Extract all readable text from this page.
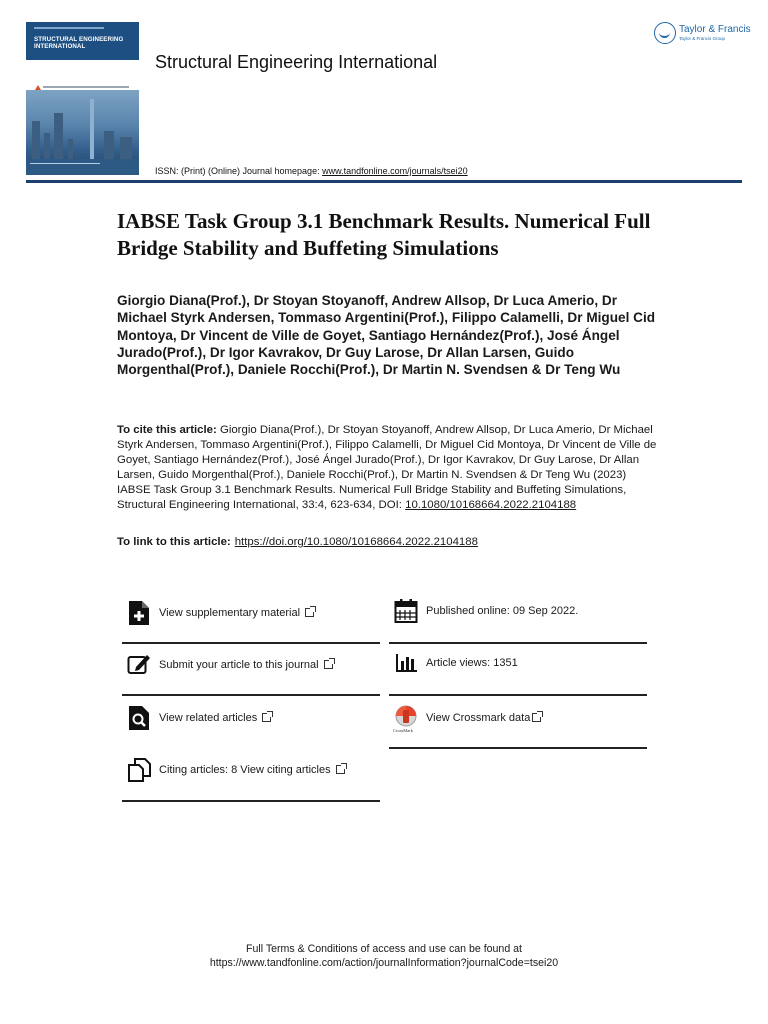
STRUCTURAL ENGINEERING INTERNATIONAL
Structural Engineering International
Taylor & Francis
Taylor & Francis Group
ISSN: (Print) (Online) Journal homepage: www.tandfonline.com/journals/tsei20
IABSE Task Group 3.1 Benchmark Results. Numerical Full Bridge Stability and Buffeting Simulations
Giorgio Diana(Prof.), Dr Stoyan Stoyanoff, Andrew Allsop, Dr Luca Amerio, Dr Michael Styrk Andersen, Tommaso Argentini(Prof.), Filippo Calamelli, Dr Miguel Cid Montoya, Dr Vincent de Ville de Goyet, Santiago Hernández(Prof.), José Ángel Jurado(Prof.), Dr Igor Kavrakov, Dr Guy Larose, Dr Allan Larsen, Guido Morgenthal(Prof.), Daniele Rocchi(Prof.), Dr Martin N. Svendsen & Dr Teng Wu
To cite this article: Giorgio Diana(Prof.), Dr Stoyan Stoyanoff, Andrew Allsop, Dr Luca Amerio, Dr Michael Styrk Andersen, Tommaso Argentini(Prof.), Filippo Calamelli, Dr Miguel Cid Montoya, Dr Vincent de Ville de Goyet, Santiago Hernández(Prof.), José Ángel Jurado(Prof.), Dr Igor Kavrakov, Dr Guy Larose, Dr Allan Larsen, Guido Morgenthal(Prof.), Daniele Rocchi(Prof.), Dr Martin N. Svendsen & Dr Teng Wu (2023) IABSE Task Group 3.1 Benchmark Results. Numerical Full Bridge Stability and Buffeting Simulations, Structural Engineering International, 33:4, 623-634, DOI: 10.1080/10168664.2022.2104188
To link to this article: https://doi.org/10.1080/10168664.2022.2104188
View supplementary material
Submit your article to this journal
View related articles
Citing articles: 8 View citing articles
Published online: 09 Sep 2022.
Article views: 1351
CrossMark
View Crossmark data
Full Terms & Conditions of access and use can be found at
https://www.tandfonline.com/action/journalInformation?journalCode=tsei20
